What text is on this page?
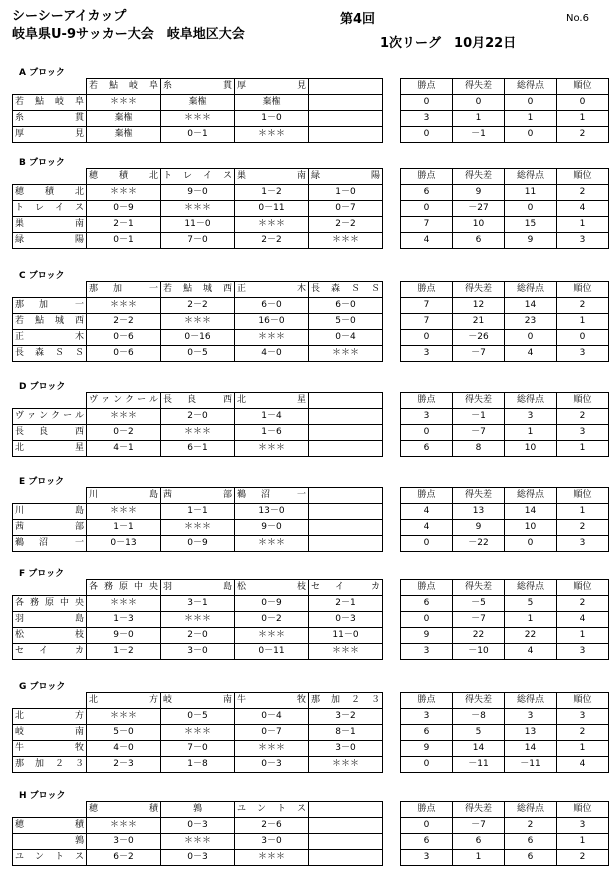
シーシーアイカップ
岐阜県U-9サッカー大会　岐阜地区大会
第4回
1次リーグ　10月22日
No.6
A ブロック
	若　鮎　岐　阜	糸　　　　　貫	厚　　　　　見			勝点	得失差	総得点	順位
若　鮎　岐　阜	＊＊＊	棄権	棄権			0	0	0	0
糸　　　　　貫	棄権	＊＊＊	1－0			3	1	1	1
厚　　　　　見	棄権	0－1	＊＊＊			0	－1	0	2
B ブロック
	穂　積　北	ト　レ　イ　ス	巣　　　　　南	緑　　　　　陽		勝点	得失差	総得点	順位
穂　積　北	＊＊＊	9－0	1－2	1－0		6	9	11	2
ト　レ　イ　ス	0－9	＊＊＊	0－11	0－7		0	－27	0	4
巣　　　　　南	2－1	11－0	＊＊＊	2－2		7	10	15	1
緑　　　　　陽	0－1	7－0	2－2	＊＊＊		4	6	9	3
C ブロック
	那　加　　一	若　鮎　城　西	正　　　　　木	長　森　Ｓ　Ｓ		勝点	得失差	総得点	順位
那　加　　一	＊＊＊	2－2	6－0	6－0		7	12	14	2
若　鮎　城　西	2－2	＊＊＊	16－0	5－0		7	21	23	1
正　　　　　木	0－6	0－16	＊＊＊	0－4		0	－26	0	0
長　森　Ｓ　Ｓ	0－6	0－5	4－0	＊＊＊		3	－7	4	3
D ブロック
	ヴァンクール	長　良　　西	北　　　　　星			勝点	得失差	総得点	順位
ヴァンクール	＊＊＊	2－0	1－4			3	－1	3	2
長　良　　西	0－2	＊＊＊	1－6			0	－7	1	3
北　　　　　星	4－1	6－1	＊＊＊			6	8	10	1
E ブロック
	川　　　　　島	茜　　　　　部	鵜　沼　　一			勝点	得失差	総得点	順位
川　　　　　島	＊＊＊	1－1	13－0			4	13	14	1
茜　　　　　部	1－1	＊＊＊	9－0			4	9	10	2
鵜　沼　　一	0－13	0－9	＊＊＊			0	－22	0	3
F ブロック
	各 務 原 中 央	羽　　　　　島	松　　　　　枝	セ　イ　　カ		勝点	得失差	総得点	順位
各 務 原 中 央	＊＊＊	3－1	0－9	2－1		6	－5	5	2
羽　　　　　島	1－3	＊＊＊	0－2	0－3		0	－7	1	4
松　　　　　枝	9－0	2－0	＊＊＊	11－0		9	22	22	1
セ　イ　　カ	1－2	3－0	0－11	＊＊＊		3	－10	4	3
G ブロック
	北　　　　　方	岐　　　　　南	牛　　　　　牧	那　加　２　３		勝点	得失差	総得点	順位
北　　　　　方	＊＊＊	0－5	0－4	3－2		3	－8	3	3
岐　　　　　南	5－0	＊＊＊	0－7	8－1		6	5	13	2
牛　　　　　牧	4－0	7－0	＊＊＊	3－0		9	14	14	1
那　加　２　３	2－3	1－8	0－3	＊＊＊		0	－11	－11	4
H ブロック
	穂　　　　　積	鶉	ユ　ン　ト　ス			勝点	得失差	総得点	順位
穂　　　　　積	＊＊＊	0－3	2－6			0	－7	2	3
　　鶉　　	3－0	＊＊＊	3－0			6	6	6	1
ユ　ン　ト　ス	6－2	0－3	＊＊＊			3	1	6	2
